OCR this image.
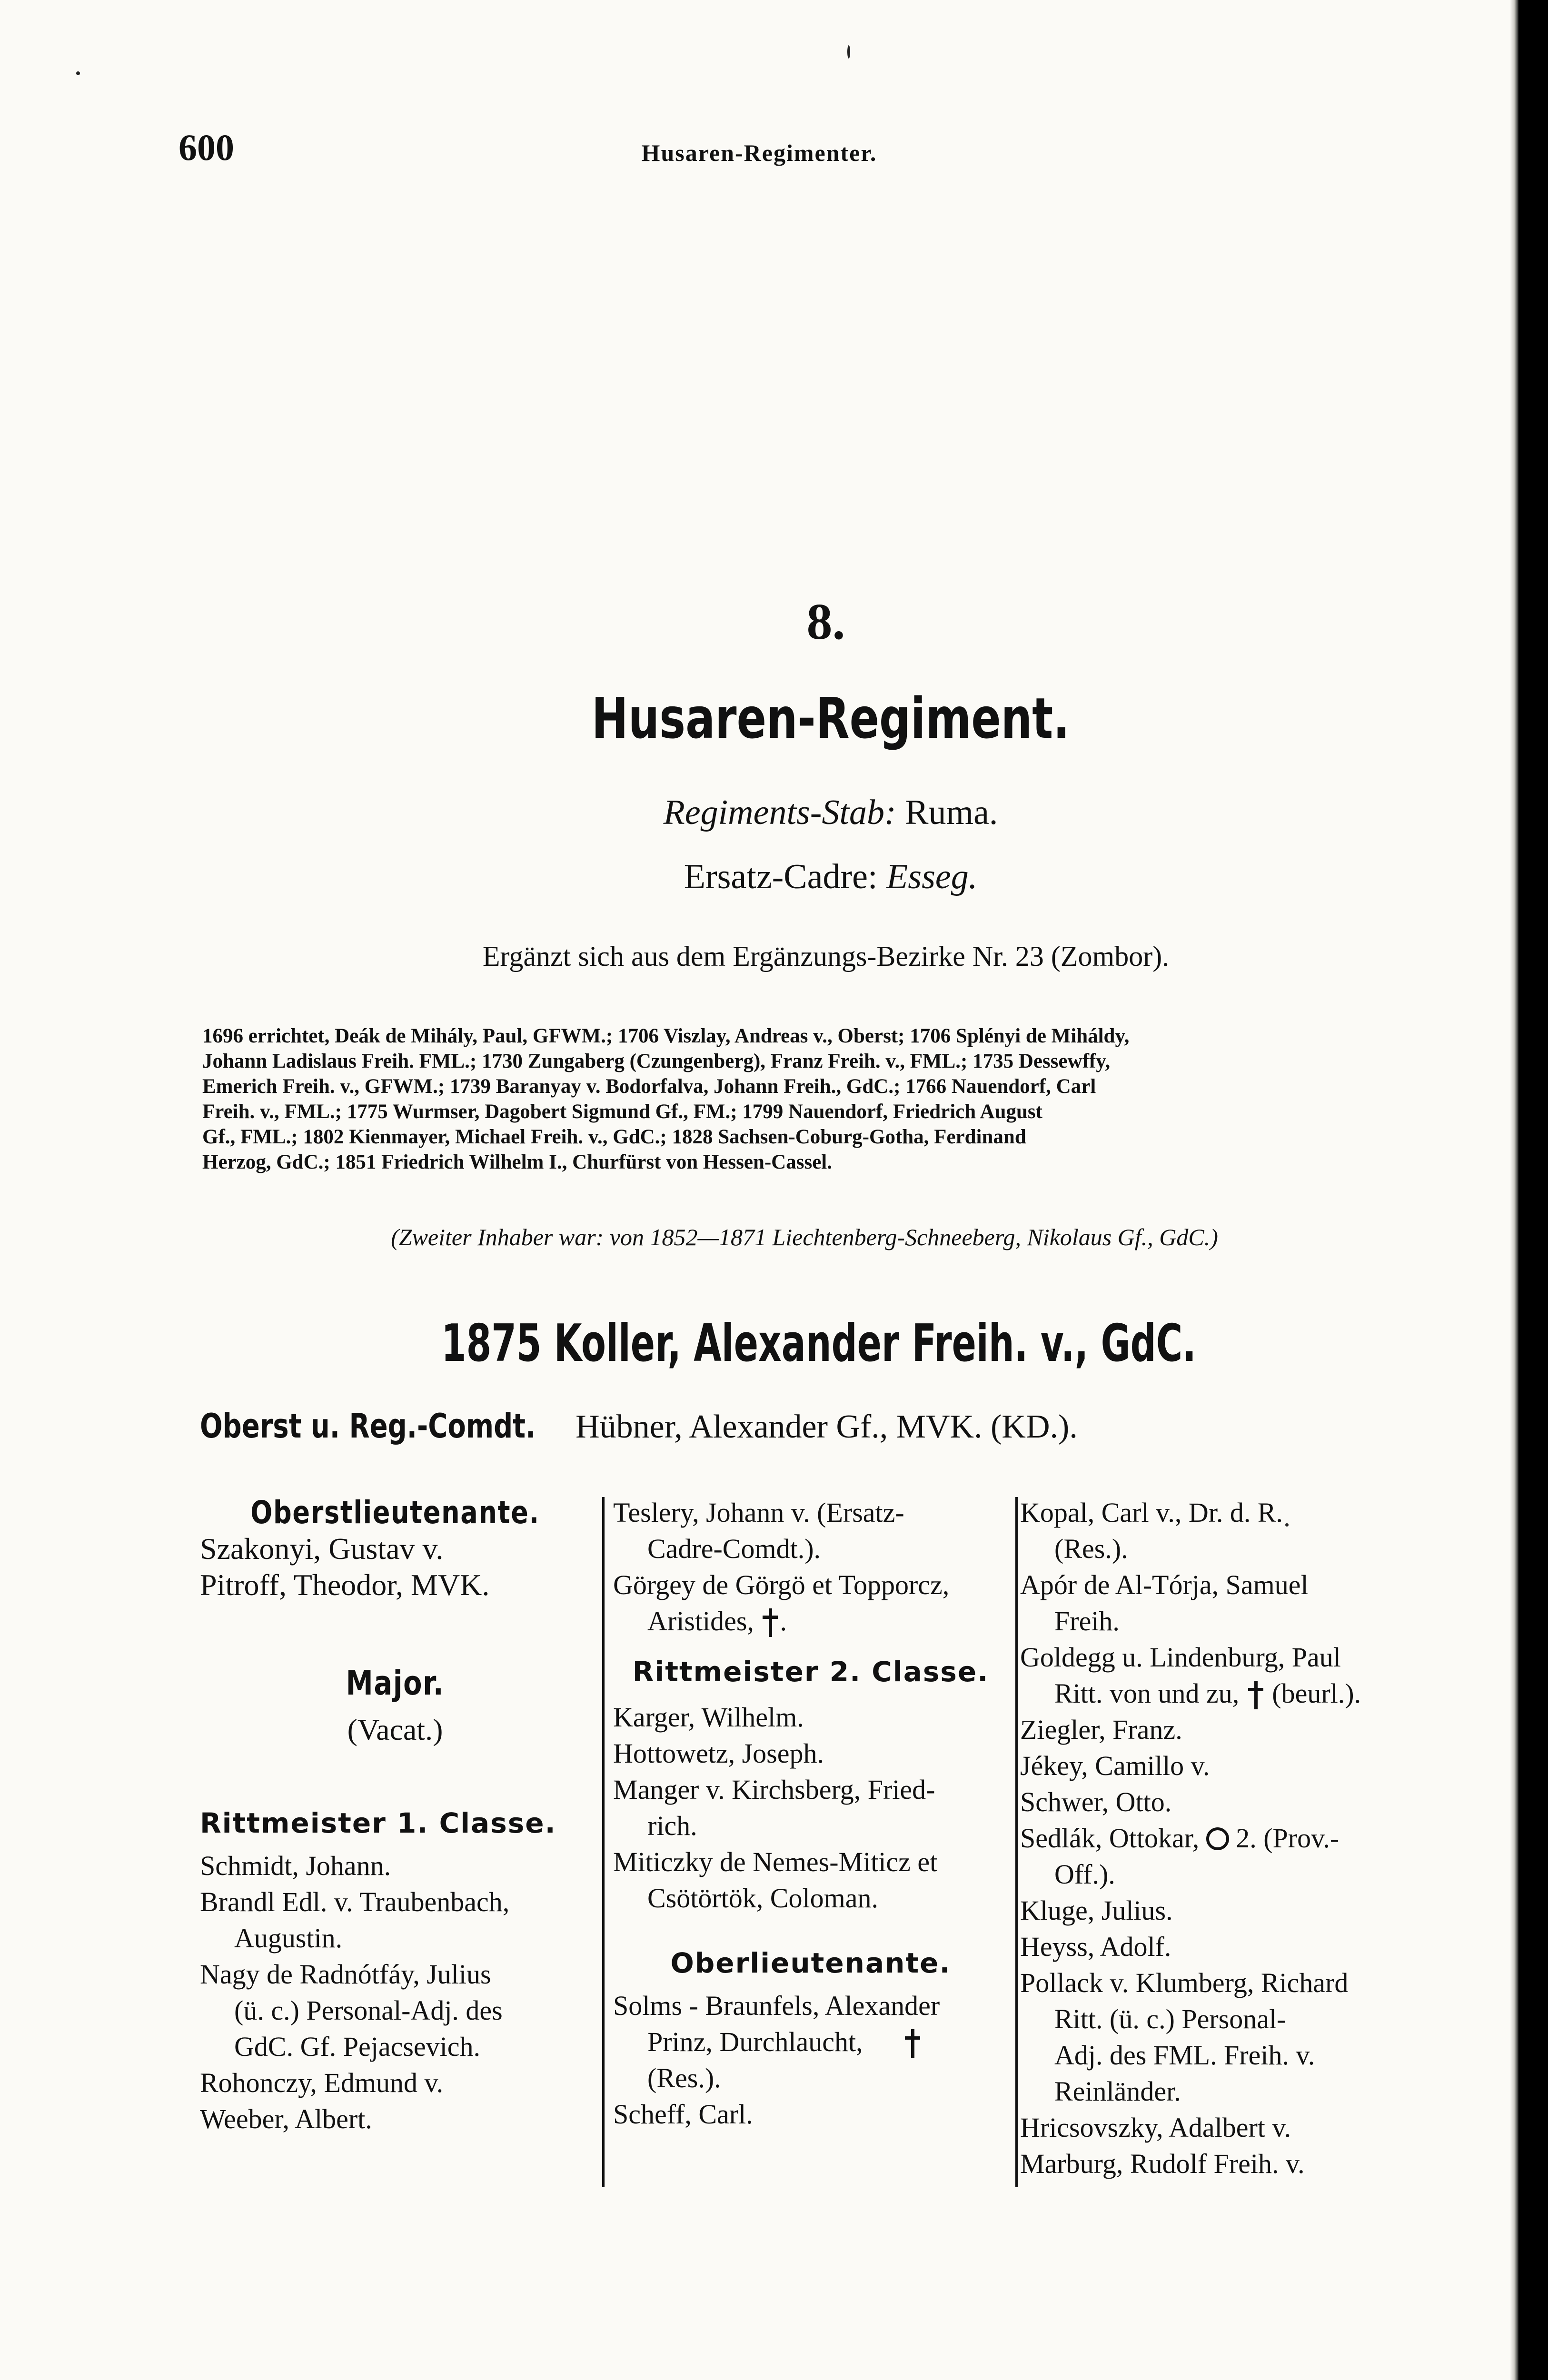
600	Husaren-Regimenter.
8.
Husaren-Regiment.
Regiments-Stab: Ruma.
Ersatz-Cadre: Esseg.
Ergänzt sich aus dem Ergänzungs-Bezirke Nr. 23 (Zombor).
1696 errichtet, Deák de Mihály, Paul, GFWM.; 1706 Viszlay, Andreas v., Oberst; 1706 Splényi de Miháldy,
Johann Ladislaus Freih. FML.; 1730 Zungaberg (Czungenberg), Franz Freih. v., FML.; 1735 Dessewffy,
Emerich Freih. v., GFWM.; 1739 Baranyay v. Bodorfalva, Johann Freih., GdC.; 1766 Nauendorf, Carl
Freih. v., FML.; 1775 Wurmser, Dagobert Sigmund Gf., FM.; 1799 Nauendorf, Friedrich August
Gf., FML.; 1802 Kienmayer, Michael Freih. v., GdC.; 1828 Sachsen-Coburg-Gotha, Ferdinand
Herzog, GdC.; 1851 Friedrich Wilhelm I., Churfürst von Hessen-Cassel.
(Zweiter Inhaber war: von 1852—1871 Liechtenberg-Schneeberg, Nikolaus Gf., GdC.)
1875 Koller, Alexander Freih. v., GdC.
Oberst u. Reg.-Comdt. Hübner, Alexander Gf., MVK. (KD.).
Oberstlieutenante.
Szakonyi, Gustav v.
Pitroff, Theodor, MVK.
Major.
(Vacat.)
Rittmeister 1. Classe.
Schmidt, Johann.
Brandl Edl. v. Traubenbach,
Augustin.
Nagy de Radnótfáy, Julius
(ü. c.) Personal-Adj. des
GdC. Gf. Pejacsevich.
Rohonczy, Edmund v.
Weeber, Albert.
Teslery, Johann v. (Ersatz-
Cadre-Comdt.).
Görgey de Görgö et Topporcz,
Aristides, .
Rittmeister 2. Classe.
Karger, Wilhelm.
Hottowetz, Joseph.
Manger v. Kirchsberg, Fried-
rich.
Miticzky de Nemes-Miticz et
Csötörtök, Coloman.
Oberlieutenante.
Solms - Braunfels, Alexander
Prinz, Durchlaucht,
(Res.).
Scheff, Carl.
Kopal, Carl v., Dr. d. R.
(Res.).
Apór de Al-Tórja, Samuel
Freih.
Goldegg u. Lindenburg, Paul
Ritt. von und zu, (beurl.).
Ziegler, Franz.
Jékey, Camillo v.
Schwer, Otto.
Sedlák, Ottokar, 2. (Prov.-
Off.).
Kluge, Julius.
Heyss, Adolf.
Pollack v. Klumberg, Richard
Ritt. (ü. c.) Personal-
Adj. des FML. Freih. v.
Reinländer.
Hricsovszky, Adalbert v.
Marburg, Rudolf Freih. v.
